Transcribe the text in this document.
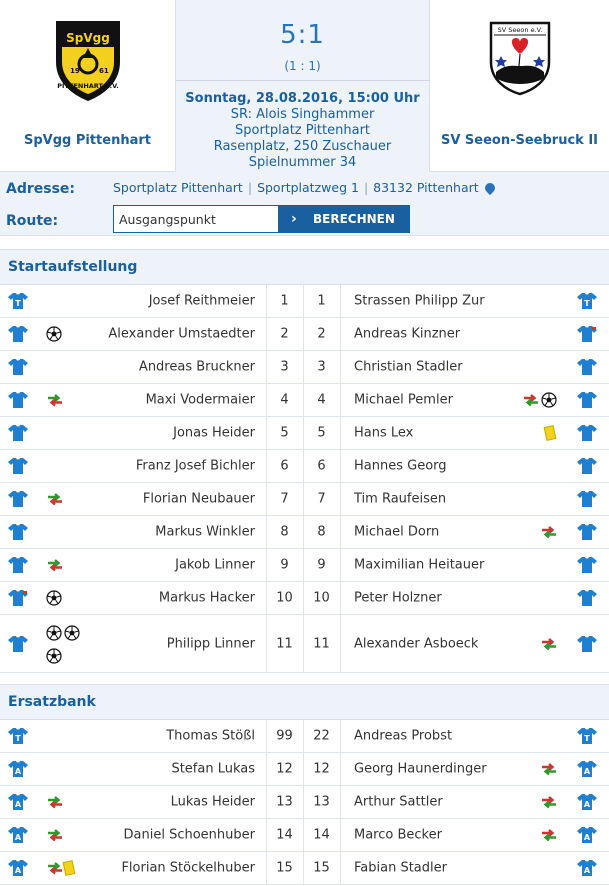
SpVgg
19	61
PITTENHART e.V.
SpVgg Pittenhart
5:1
(1 : 1)
Sonntag, 28.08.2016, 15:00 Uhr
SR: Alois Singhammer
Sportplatz Pittenhart
Rasenplatz, 250 Zuschauer
Spielnummer 34
SV Seeon e.V.
SV Seeon-Seebruck II
Adresse:	Sportplatz Pittenhart | Sportplatzweg 1 | 83132 Pittenhart
Route:
Ausgangspunkt	› BERECHNEN
Startaufstellung
T	Josef Reithmeier	1	1	Strassen Philipp Zur	T
Alexander Umstaedter	2	2	Andreas Kinzner
Andreas Bruckner	3	3	Christian Stadler
Maxi Vodermaier	4	4	Michael Pemler
Jonas Heider	5	5	Hans Lex
Franz Josef Bichler	6	6	Hannes Georg
Florian Neubauer	7	7	Tim Raufeisen
Markus Winkler	8	8	Michael Dorn
Jakob Linner	9	9	Maximilian Heitauer
Markus Hacker	10	10	Peter Holzner
Philipp Linner	11	11	Alexander Asboeck
Ersatzbank
T	Thomas Stößl	99	22	Andreas Probst	T
A	Stefan Lukas	12	12	Georg Haunerdinger	A
A	Lukas Heider	13	13	Arthur Sattler	A
A	Daniel Schoenhuber	14	14	Marco Becker	A
A	Florian Stöckelhuber	15	15	Fabian Stadler	A
